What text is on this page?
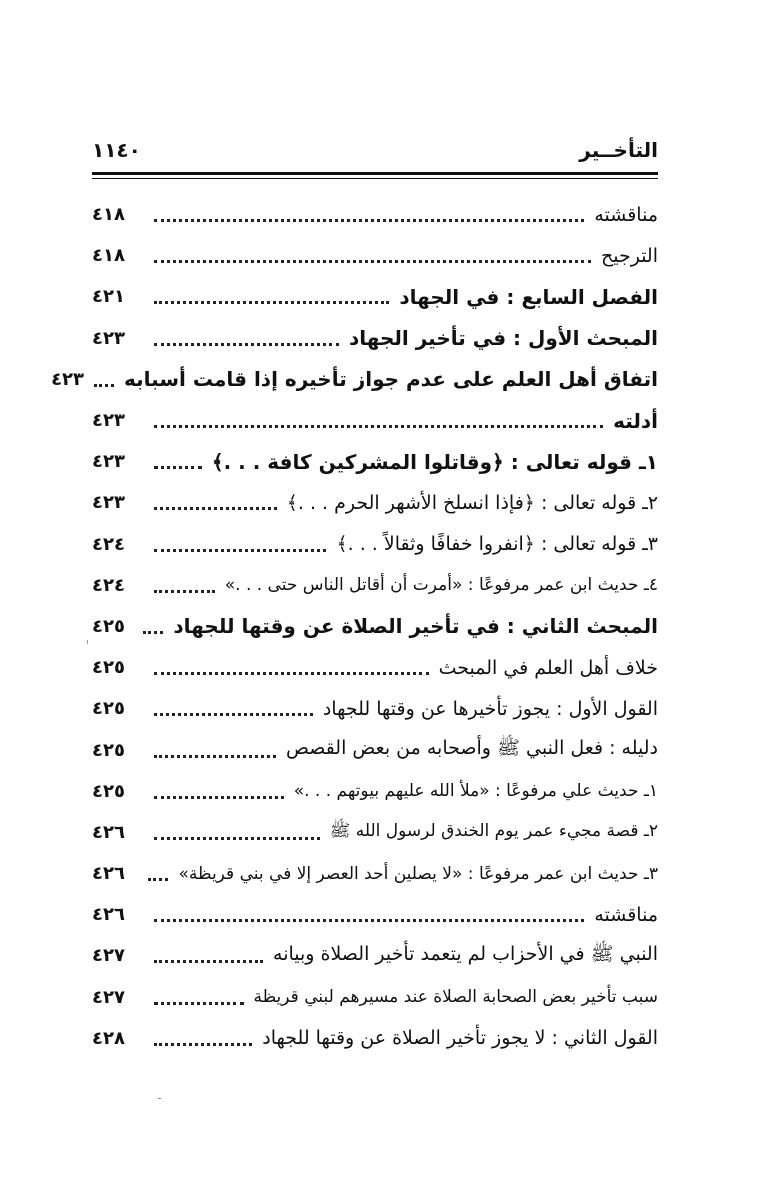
١١٤٠	التأخــير
مناقشته
٤١٨
الترجيح
٤١٨
الفصل السابع : في الجهاد
٤٢١
المبحث الأول : في تأخير الجهاد
٤٢٣
اتفاق أهل العلم على عدم جواز تأخيره إذا قامت أسبابه
٤٢٣
أدلته
٤٢٣
١ـ قوله تعالى : ﴿وقاتلوا المشركين كافة . . .﴾
٤٢٣
٢ـ قوله تعالى : ﴿فإذا انسلخ الأشهر الحرم . . .﴾
٤٢٣
٣ـ قوله تعالى : ﴿انفروا خفافًا وثقالاً . . .﴾
٤٢٤
٤ـ حديث ابن عمر مرفوعًا : «أمرت أن أقاتل الناس حتى . . .»
٤٢٤
المبحث الثاني : في تأخير الصلاة عن وقتها للجهاد
٤٢٥
خلاف أهل العلم في المبحث
٤٢٥
القول الأول : يجوز تأخيرها عن وقتها للجهاد
٤٢٥
دليله : فعل النبي ﷺ وأصحابه من بعض القصص
٤٢٥
١ـ حديث علي مرفوعًا : «ملأ الله عليهم بيوتهم . . .»
٤٢٥
٢ـ قصة مجيء عمر يوم الخندق لرسول الله ﷺ
٤٢٦
٣ـ حديث ابن عمر مرفوعًا : «لا يصلين أحد العصر إلا في بني قريظة»
٤٢٦
مناقشته
٤٢٦
النبي ﷺ في الأحزاب لم يتعمد تأخير الصلاة وبيانه
٤٢٧
سبب تأخير بعض الصحابة الصلاة عند مسيرهم لبني قريظة
٤٢٧
القول الثاني : لا يجوز تأخير الصلاة عن وقتها للجهاد
٤٢٨
